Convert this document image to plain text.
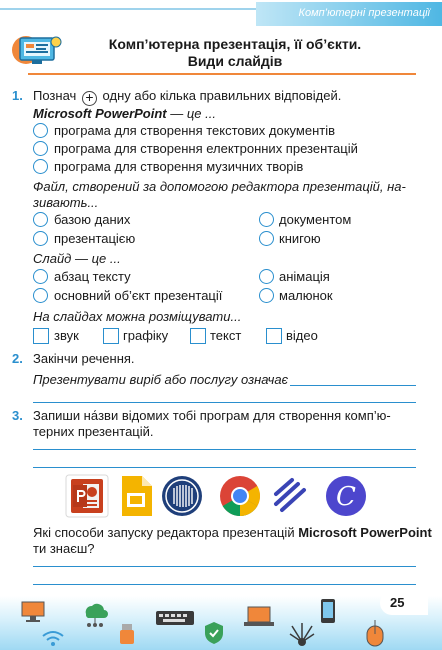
Комп’ютерні презентації
Комп’ютерна презентація, її об’єкти.
Види слайдів
1. Познач + одну або кілька правильних відповідей.
Microsoft PowerPoint — це ...
програма для створення текстових документів
програма для створення електронних презентацій
програма для створення музичних творів
Файл, створений за допомогою редактора презентацій, на-
зивають...
базою даних	документом
презентацією	книгою
Слайд — це ...
абзац тексту	анімація
основний об’єкт презентації	малюнок
На слайдах можна розміщувати...
звук	графіку	текст	відео
2. Закінчи речення.
Презентувати виріб або послугу означає
3. Запиши на́зви відомих тобі програм для створення комп’ю-
терних презентацій.
C
Які способи запуску редактора презентацій Microsoft PowerPoint
ти знаєш?
25
